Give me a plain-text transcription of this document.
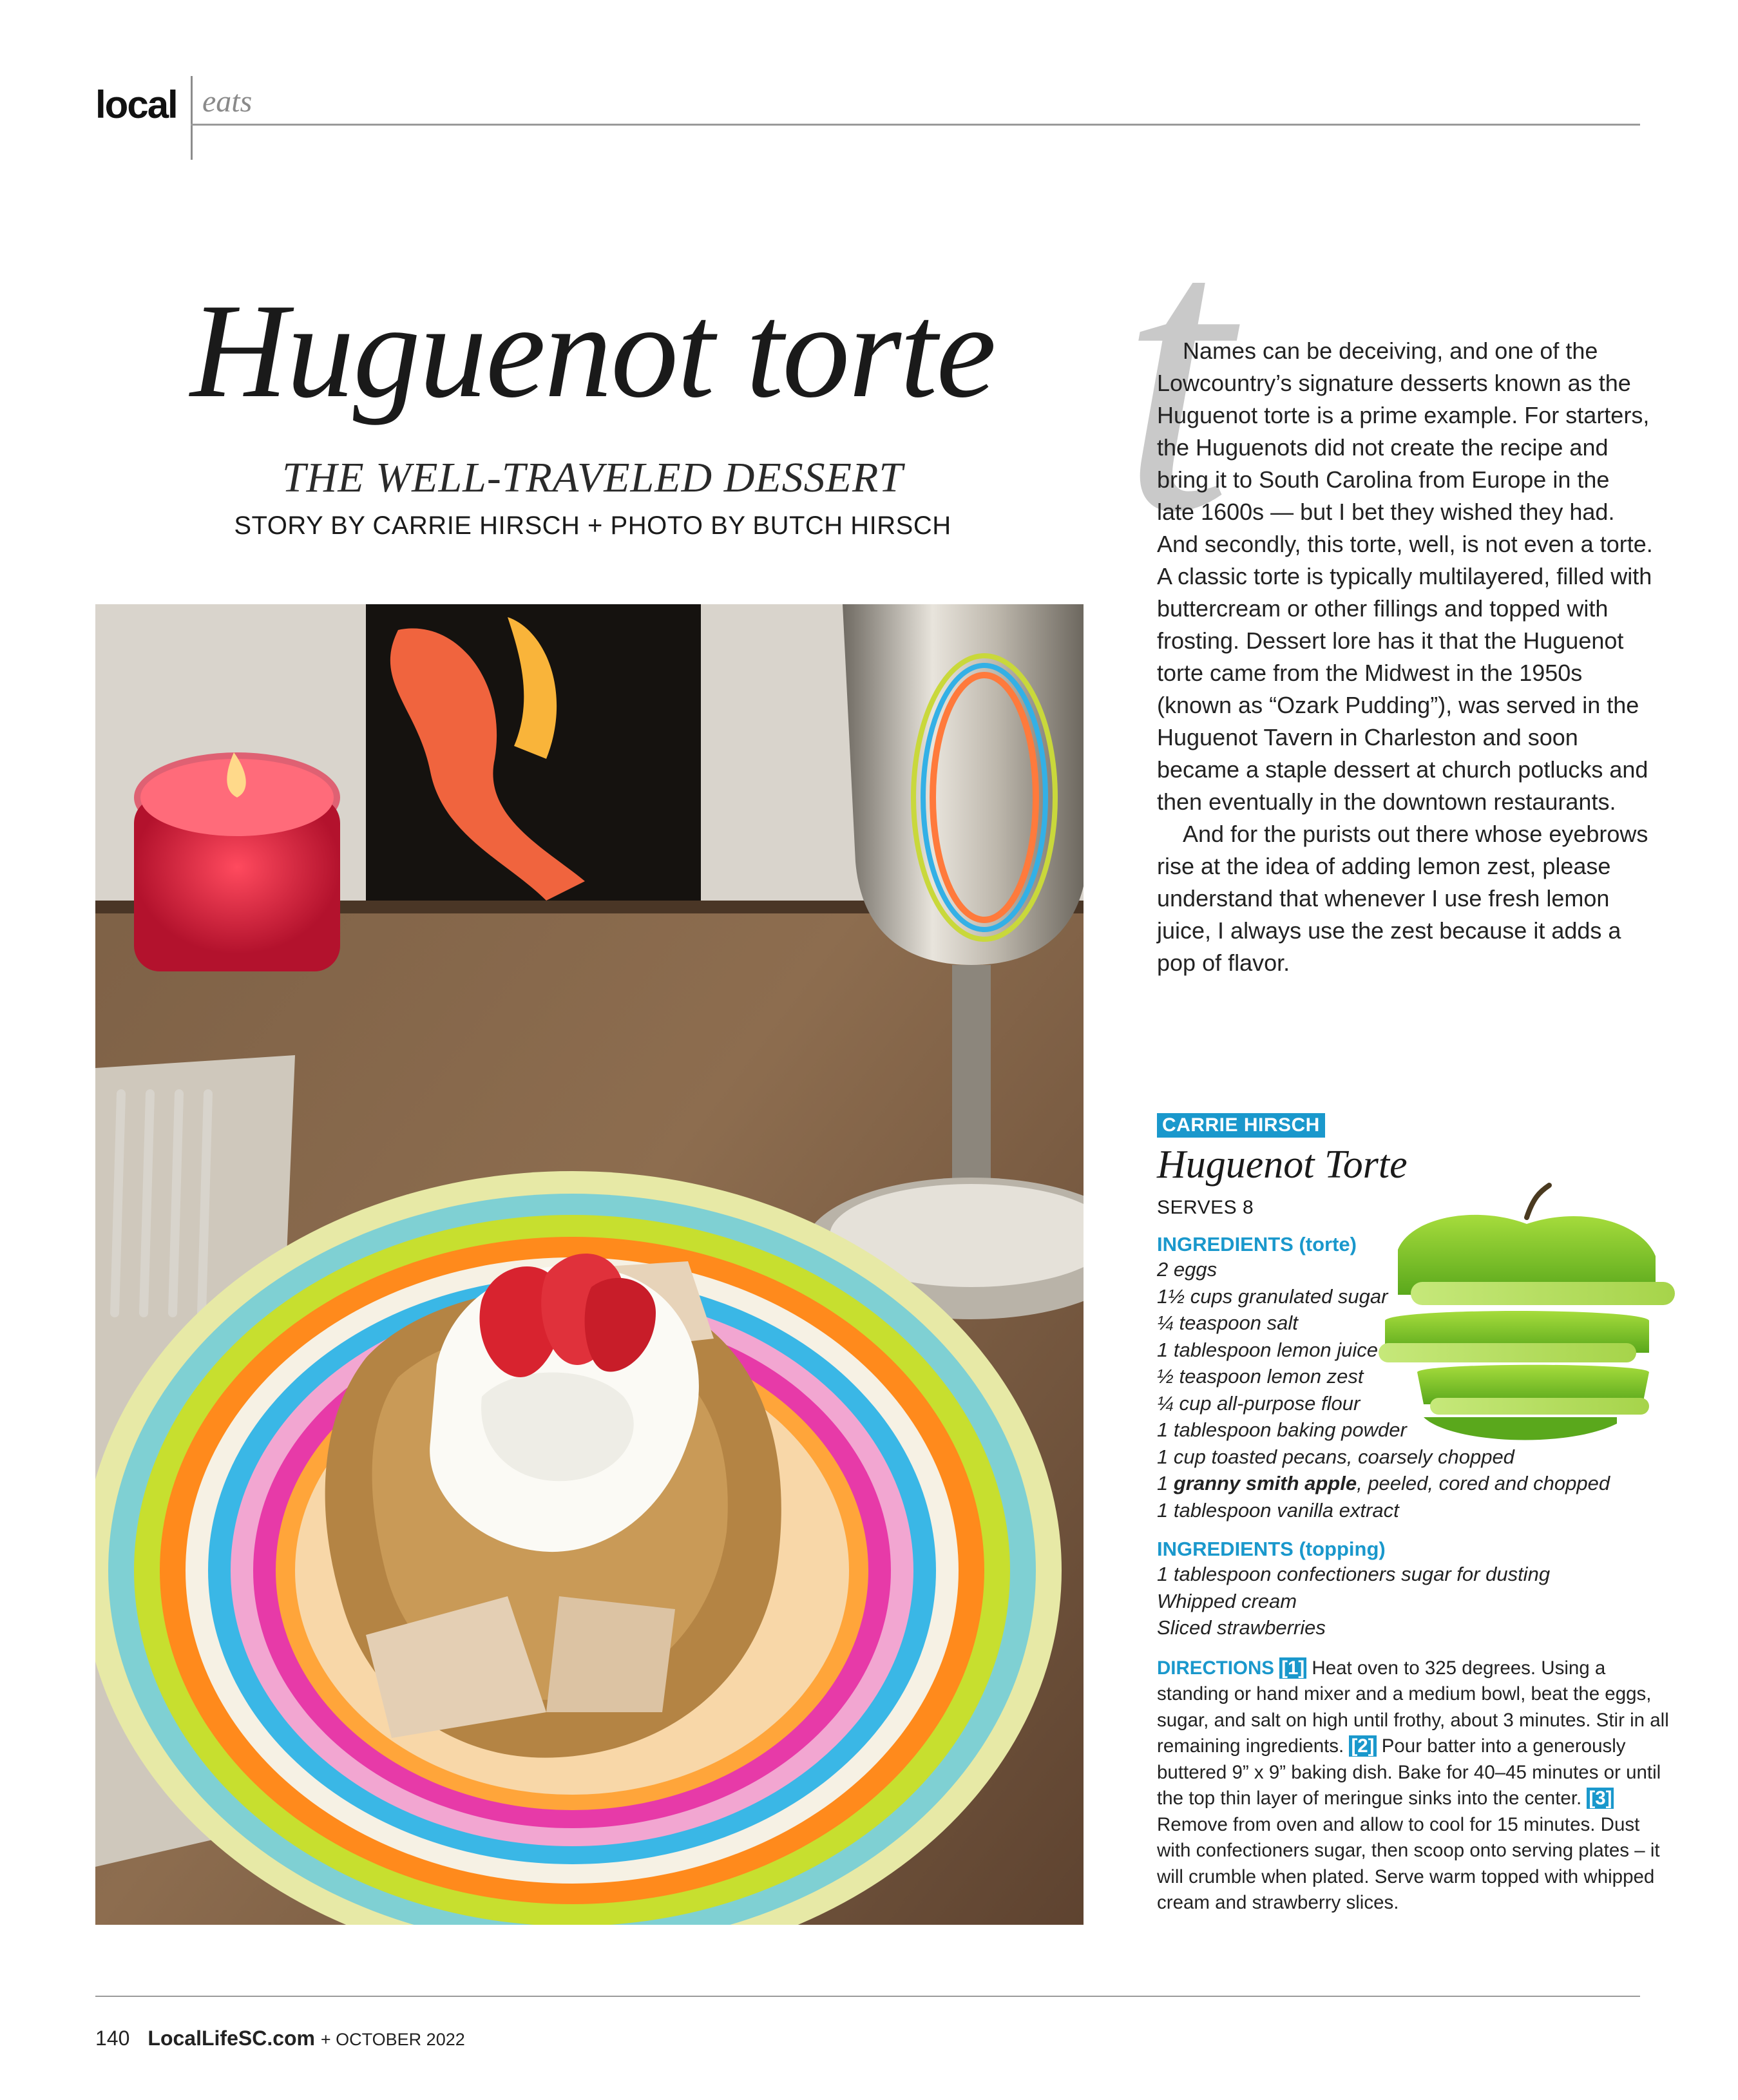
local eats
Huguenot torte
THE WELL-TRAVELED DESSERT
STORY BY CARRIE HIRSCH + PHOTO BY BUTCH HIRSCH t

Names can be deceiving, and one of the Lowcountry’s signature desserts known as the Huguenot torte is a prime example. For starters, the Huguenots did not create the recipe and bring it to South Carolina from Europe in the late 1600s — but I bet they wished they had. And secondly, this torte, well, is not even a torte. A classic torte is typically multilayered, filled with buttercream or other fillings and topped with frosting. Dessert lore has it that the Huguenot torte came from the Midwest in the 1950s (known as “Ozark Pudding”), was served in the Huguenot Tavern in Charleston and soon became a staple dessert at church potlucks and then eventually in the downtown restaurants.

And for the purists out there whose eyebrows rise at the idea of adding lemon zest, please understand that whenever I use fresh lemon juice, I always use the zest because it adds a pop of flavor.

CARRIE HIRSCH
Huguenot Torte
SERVES 8
INGREDIENTS (torte)
2 eggs
1½ cups granulated sugar
¼ teaspoon salt
1 tablespoon lemon juice
½ teaspoon lemon zest
¼ cup all-purpose flour
1 tablespoon baking powder
1 cup toasted pecans, coarsely chopped
1 granny smith apple, peeled, cored and chopped
1 tablespoon vanilla extract
INGREDIENTS (topping)
1 tablespoon confectioners sugar for dusting
Whipped cream
Sliced strawberries
DIRECTIONS [1] Heat oven to 325 degrees. Using a standing or hand mixer and a medium bowl, beat the eggs, sugar, and salt on high until frothy, about 3 minutes. Stir in all remaining ingredients. [2] Pour batter into a generously buttered 9” x 9” baking dish. Bake for 40–45 minutes or until the top thin layer of meringue sinks into the center. [3] Remove from oven and allow to cool for 15 minutes. Dust with confectioners sugar, then scoop onto serving plates – it will crumble when plated. Serve warm topped with whipped cream and strawberry slices.
140 LocalLifeSC.com + OCTOBER 2022
